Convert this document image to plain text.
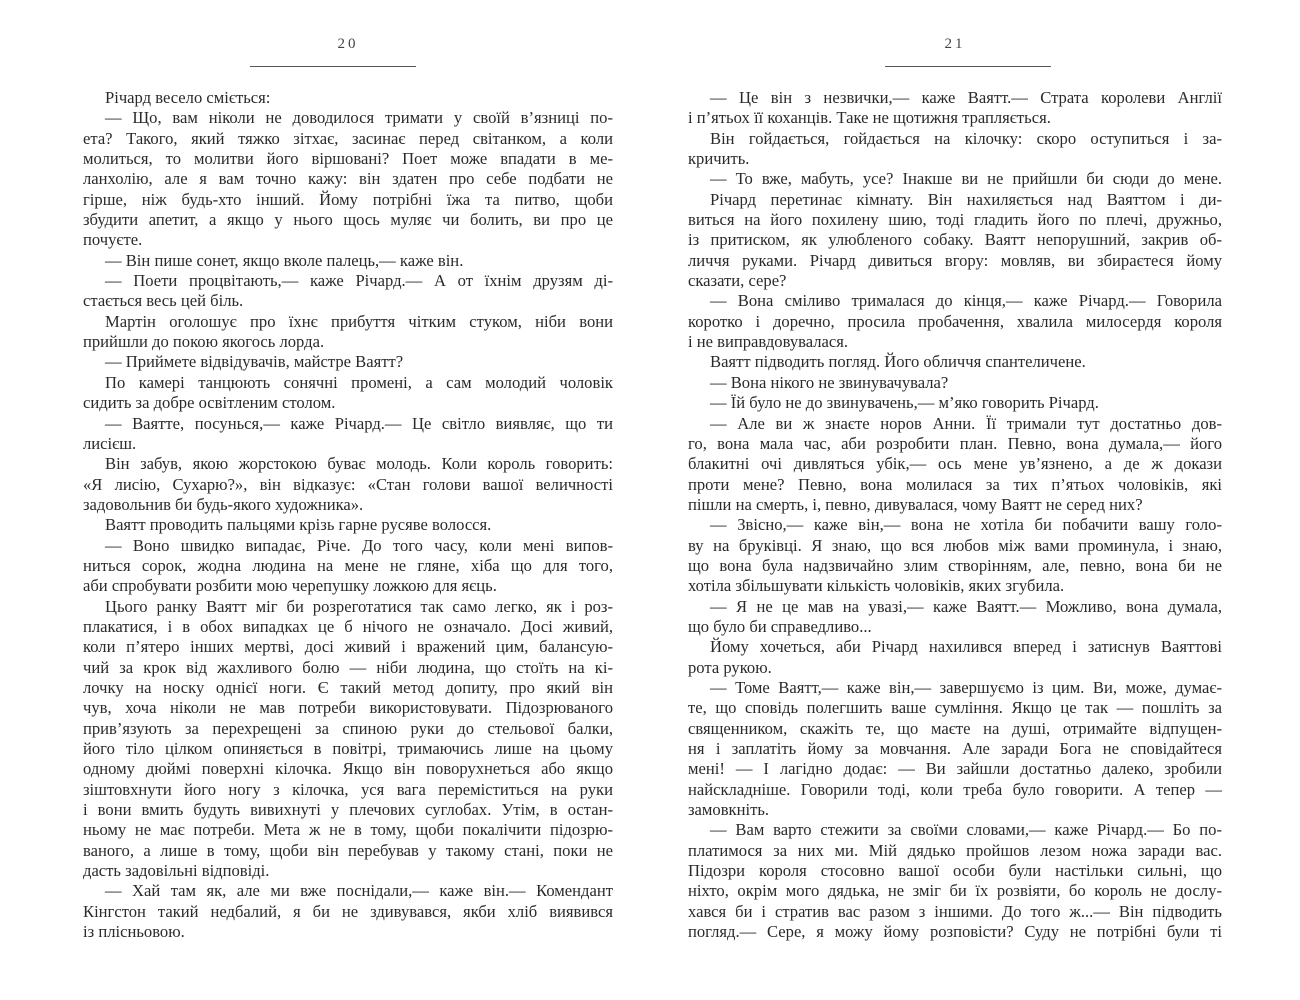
20
Річард весело сміється:
— Що, вам ніколи не доводилося тримати у своїй в’язниці по-
ета? Такого, який тяжко зітхає, засинає перед світанком, а коли
молиться, то молитви його віршовані? Поет може впадати в ме-
ланхолію, але я вам точно кажу: він здатен про себе подбати не
гірше, ніж будь-хто інший. Йому потрібні їжа та питво, щоби
збудити апетит, а якщо у нього щось муляє чи болить, ви про це
почуєте.
— Він пише сонет, якщо вколе палець,— каже він.
— Поети процвітають,— каже Річард.— А от їхнім друзям ді-
стається весь цей біль.
Мартін оголошує про їхнє прибуття чітким стуком, ніби вони
прийшли до покою якогось лорда.
— Приймете відвідувачів, майстре Ваятт?
По камері танцюють сонячні промені, а сам молодий чоловік
сидить за добре освітленим столом.
— Ваятте, посунься,— каже Річард.— Це світло виявляє, що ти
лисієш.
Він забув, якою жорстокою буває молодь. Коли король говорить:
«Я лисію, Сухарю?», він відказує: «Стан голови вашої величності
задовольнив би будь-якого художника».
Ваятт проводить пальцями крізь гарне русяве волосся.
— Воно швидко випадає, Річе. До того часу, коли мені випов-
ниться сорок, жодна людина на мене не гляне, хіба що для того,
аби спробувати розбити мою черепушку ложкою для яєць.
Цього ранку Ваятт міг би розреготатися так само легко, як і роз-
плакатися, і в обох випадках це б нічого не означало. Досі живий,
коли п’ятеро інших мертві, досі живий і вражений цим, балансую-
чий за крок від жахливого болю — ніби людина, що стоїть на кі-
лочку на носку однієї ноги. Є такий метод допиту, про який він
чув, хоча ніколи не мав потреби використовувати. Підозрюваного
прив’язують за перехрещені за спиною руки до стельової балки,
його тіло цілком опиняється в повітрі, тримаючись лише на цьому
одному дюймі поверхні кілочка. Якщо він поворухнеться або якщо
зіштовхнути його ногу з кілочка, уся вага переміститься на руки
і вони вмить будуть вивихнуті у плечових суглобах. Утім, в остан-
ньому не має потреби. Мета ж не в тому, щоби покалічити підозрю-
ваного, а лише в тому, щоби він перебував у такому стані, поки не
дасть задовільні відповіді.
— Хай там як, але ми вже поснідали,— каже він.— Комендант
Кінгстон такий недбалий, я би не здивувався, якби хліб виявився
із плісньовою.
21
— Це він з незвички,— каже Ваятт.— Страта королеви Англії
і п’ятьох її коханців. Таке не щотижня трапляється.
Він гойдається, гойдається на кілочку: скоро оступиться і за-
кричить.
— То вже, мабуть, усе? Інакше ви не прийшли би сюди до мене.
Річард перетинає кімнату. Він нахиляється над Ваяттом і ди-
виться на його похилену шию, тоді гладить його по плечі, дружньо,
із притиском, як улюбленого собаку. Ваятт непорушний, закрив об-
личчя руками. Річард дивиться вгору: мовляв, ви збираєтеся йому
сказати, сере?
— Вона сміливо трималася до кінця,— каже Річард.— Говорила
коротко і доречно, просила пробачення, хвалила милосердя короля
і не виправдовувалася.
Ваятт підводить погляд. Його обличчя спантеличене.
— Вона нікого не звинувачувала?
— Їй було не до звинувачень,— м’яко говорить Річард.
— Але ви ж знаєте норов Анни. Її тримали тут достатньо дов-
го, вона мала час, аби розробити план. Певно, вона думала,— його
блакитні очі дивляться убік,— ось мене ув’язнено, а де ж докази
проти мене? Певно, вона молилася за тих п’ятьох чоловіків, які
пішли на смерть, і, певно, дивувалася, чому Ваятт не серед них?
— Звісно,— каже він,— вона не хотіла би побачити вашу голо-
ву на бруківці. Я знаю, що вся любов між вами проминула, і знаю,
що вона була надзвичайно злим створінням, але, певно, вона би не
хотіла збільшувати кількість чоловіків, яких згубила.
— Я не це мав на увазі,— каже Ваятт.— Можливо, вона думала,
що було би справедливо...
Йому хочеться, аби Річард нахилився вперед і затиснув Ваяттові
рота рукою.
— Томе Ваятт,— каже він,— завершуємо із цим. Ви, може, думає-
те, що сповідь полегшить ваше сумління. Якщо це так — пошліть за
священником, скажіть те, що маєте на душі, отримайте відпущен-
ня і заплатіть йому за мовчання. Але заради Бога не сповідайтеся
мені! — І лагідно додає: — Ви зайшли достатньо далеко, зробили
найскладніше. Говорили тоді, коли треба було говорити. А тепер —
замовкніть.
— Вам варто стежити за своїми словами,— каже Річард.— Бо по-
платимося за них ми. Мій дядько пройшов лезом ножа заради вас.
Підозри короля стосовно вашої особи були настільки сильні, що
ніхто, окрім мого дядька, не зміг би їх розвіяти, бо король не дослу-
хався би і стратив вас разом з іншими. До того ж...— Він підводить
погляд.— Сере, я можу йому розповісти? Суду не потрібні були ті
